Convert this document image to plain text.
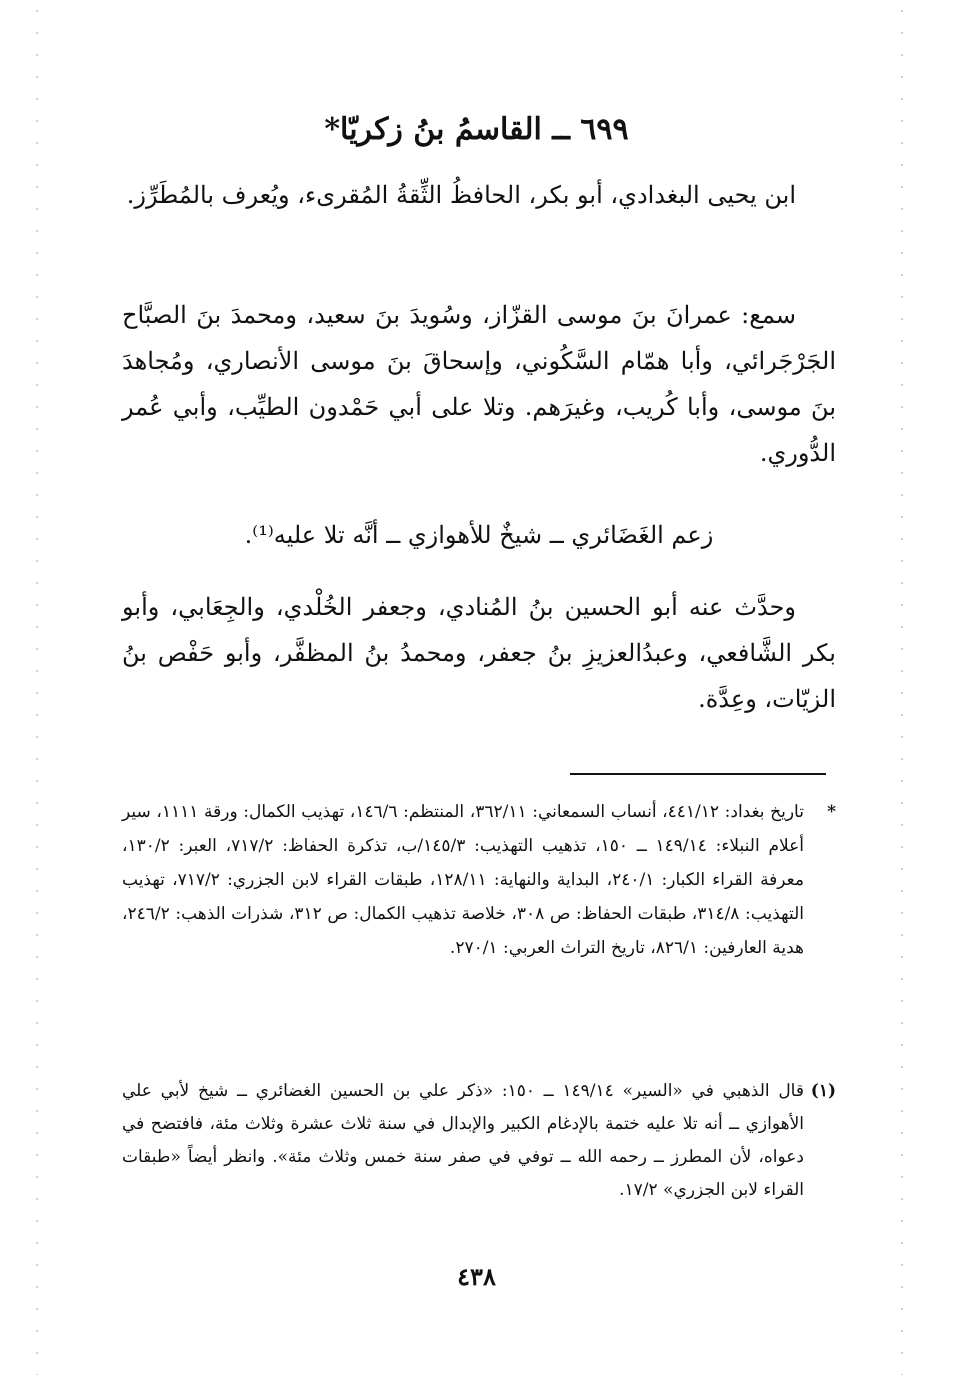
٦٩٩ ــ القاسمُ بنُ زكريّا*

ابن يحيى البغدادي، أبو بكر، الحافظُ الثِّقةُ المُقرىء، ويُعرف بالمُطَرِّز.

سمع: عمرانَ بنَ موسى القزّاز، وسُويدَ بنَ سعيد، ومحمدَ بنَ الصبَّاح الجَرْجَرائي، وأبا همّام السَّكُوني، وإسحاقَ بنَ موسى الأنصاري، ومُجاهدَ بنَ موسى، وأبا كُريب، وغيرَهم. وتلا على أبي حَمْدون الطيِّب، وأبي عُمر الدُّوري.

زعم الغَضَائري ــ شيخٌ للأهوازي ــ أنَّه تلا عليه⁽¹⁾.

وحدَّث عنه أبو الحسين بنُ المُنادي، وجعفر الخُلْدي، والجِعَابي، وأبو بكر الشَّافعي، وعبدُالعزيزِ بنُ جعفر، ومحمدُ بنُ المظفَّر، وأبو حَفْص بنُ الزيّات، وعِدَّة.

*
تاريخ بغداد: ٤٤١/١٢، أنساب السمعاني: ٣٦٢/١١، المنتظم: ١٤٦/٦، تهذيب الكمال: ورقة ١١١١، سير أعلام النبلاء: ١٤٩/١٤ ــ ١٥٠، تذهيب التهذيب: ١٤٥/٣/ب، تذكرة الحفاظ: ٧١٧/٢، العبر: ١٣٠/٢، معرفة القراء الكبار: ٢٤٠/١، البداية والنهاية: ١٢٨/١١، طبقات القراء لابن الجزري: ٧١٧/٢، تهذيب التهذيب: ٣١٤/٨، طبقات الحفاظ: ص ٣٠٨، خلاصة تذهيب الكمال: ص ٣١٢، شذرات الذهب: ٢٤٦/٢، هدية العارفين: ٨٢٦/١، تاريخ التراث العربي: ٢٧٠/١.
(١)
قال الذهبي في «السير» ١٤٩/١٤ ــ ١٥٠: «ذكر علي بن الحسين الغضائري ــ شيخ لأبي علي الأهوازي ــ أنه تلا عليه ختمة بالإدغام الكبير والإبدال في سنة ثلاث عشرة وثلاث مئة، فافتضح في دعواه، لأن المطرز ــ رحمه الله ــ توفي في صفر سنة خمس وثلاث مئة». وانظر أيضاً «طبقات القراء لابن الجزري» ١٧/٢.
٤٣٨
